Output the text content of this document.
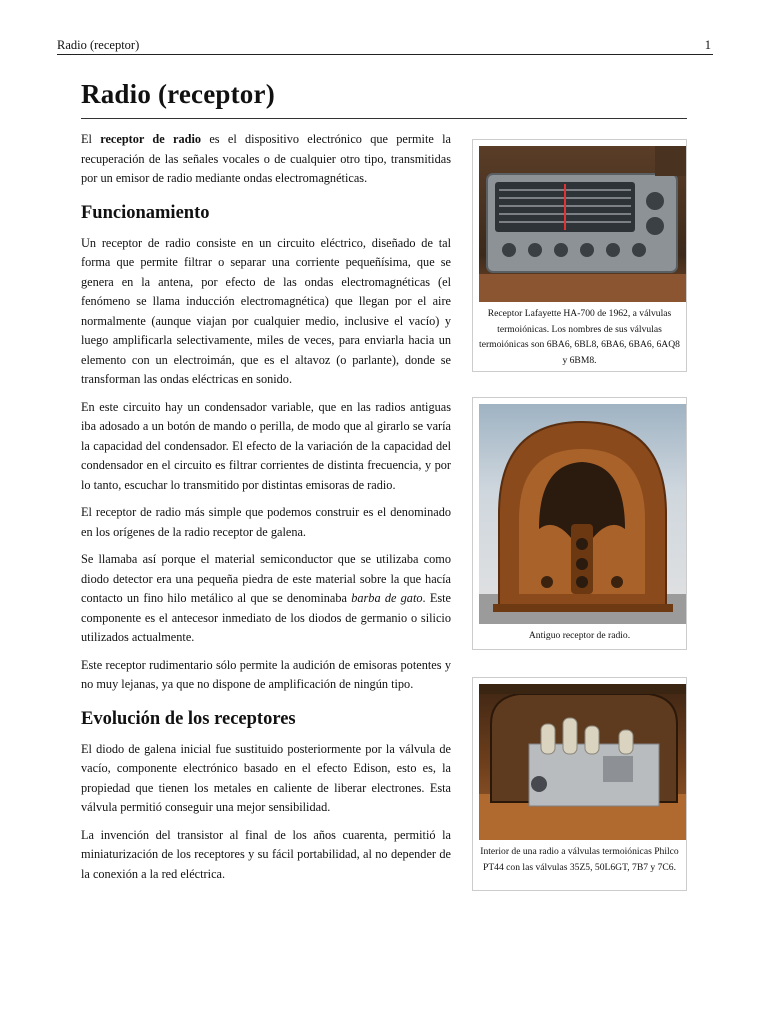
Radio (receptor)	1
Radio (receptor)

El receptor de radio es el dispositivo electrónico que permite la recuperación de las señales vocales o de cualquier otro tipo, transmitidas por un emisor de radio mediante ondas electromagnéticas.

Funcionamiento

Un receptor de radio consiste en un circuito eléctrico, diseñado de tal forma que permite filtrar o separar una corriente pequeñísima, que se genera en la antena, por efecto de las ondas electromagnéticas (el fenómeno se llama inducción electromagnética) que llegan por el aire normalmente (aunque viajan por cualquier medio, inclusive el vacío) y luego amplificarla selectivamente, miles de veces, para enviarla hacia un elemento con un electroimán, que es el altavoz (o parlante), donde se transforman las ondas eléctricas en sonido.

En este circuito hay un condensador variable, que en las radios antiguas iba adosado a un botón de mando o perilla, de modo que al girarlo se varía la capacidad del condensador. El efecto de la variación de la capacidad del condensador en el circuito es filtrar corrientes de distinta frecuencia, y por lo tanto, escuchar lo transmitido por distintas emisoras de radio.

El receptor de radio más simple que podemos construir es el denominado en los orígenes de la radio receptor de galena.

Se llamaba así porque el material semiconductor que se utilizaba como diodo detector era una pequeña piedra de este material sobre la que hacía contacto un fino hilo metálico al que se denominaba barba de gato. Este componente es el antecesor inmediato de los diodos de germanio o silicio utilizados actualmente.

Este receptor rudimentario sólo permite la audición de emisoras potentes y no muy lejanas, ya que no dispone de amplificación de ningún tipo.

Evolución de los receptores

El diodo de galena inicial fue sustituido posteriormente por la válvula de vacío, componente electrónico basado en el efecto Edison, esto es, la propiedad que tienen los metales en caliente de liberar electrones. Esta válvula permitió conseguir una mejor sensibilidad.

La invención del transistor al final de los años cuarenta, permitió la miniaturización de los receptores y su fácil portabilidad, al no depender de la conexión a la red eléctrica.

Receptor Lafayette HA-700 de 1962, a válvulas termoiónicas. Los nombres de sus válvulas termoiónicas son 6BA6, 6BL8, 6BA6, 6BA6, 6AQ8 y 6BM8.
Antiguo receptor de radio.
Interior de una radio a válvulas termoiónicas Philco PT44 con las válvulas 35Z5, 50L6GT, 7B7 y 7C6.
